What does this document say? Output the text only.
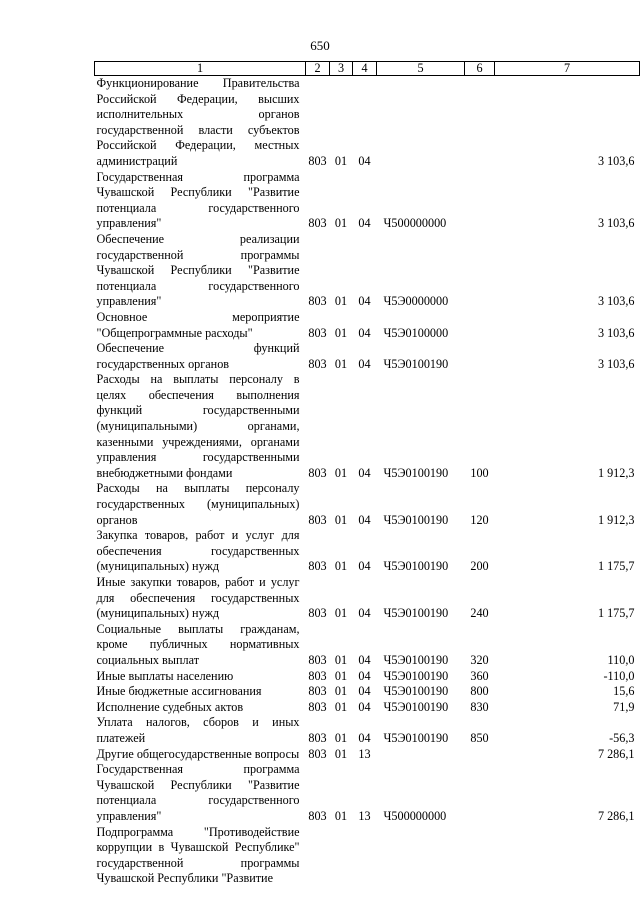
650
1	2	3	4	5	6	7
Функционирование Правительства Российской Федерации, высших исполнительных органов государственной власти субъектов Российской Федерации, местных администраций	803	01	04			3 103,6
Государственная программа Чувашской Республики "Развитие потенциала государственного управления"	803	01	04	Ч500000000		3 103,6
Обеспечение реализации государственной программы Чувашской Республики "Развитие потенциала государственного управления"	803	01	04	Ч5Э0000000		3 103,6
Основное мероприятие "Общепрограммные расходы"	803	01	04	Ч5Э0100000		3 103,6
Обеспечение функций государственных органов	803	01	04	Ч5Э0100190		3 103,6
Расходы на выплаты персоналу в целях обеспечения выполнения функций государственными (муниципальными) органами, казенными учреждениями, органами управления государственными внебюджетными фондами	803	01	04	Ч5Э0100190	100	1 912,3
Расходы на выплаты персоналу государственных (муниципальных) органов	803	01	04	Ч5Э0100190	120	1 912,3
Закупка товаров, работ и услуг для обеспечения государственных (муниципальных) нужд	803	01	04	Ч5Э0100190	200	1 175,7
Иные закупки товаров, работ и услуг для обеспечения государственных (муниципальных) нужд	803	01	04	Ч5Э0100190	240	1 175,7
Социальные выплаты гражданам, кроме публичных нормативных социальных выплат	803	01	04	Ч5Э0100190	320	110,0
Иные выплаты населению	803	01	04	Ч5Э0100190	360	-110,0
Иные бюджетные ассигнования	803	01	04	Ч5Э0100190	800	15,6
Исполнение судебных актов	803	01	04	Ч5Э0100190	830	71,9
Уплата налогов, сборов и иных платежей	803	01	04	Ч5Э0100190	850	-56,3
Другие общегосударственные вопросы	803	01	13			7 286,1
Государственная программа Чувашской Республики "Развитие потенциала государственного управления"	803	01	13	Ч500000000		7 286,1
Подпрограмма "Противодействие коррупции в Чувашской Республике" государственной программы Чувашской Республики "Развитие						
